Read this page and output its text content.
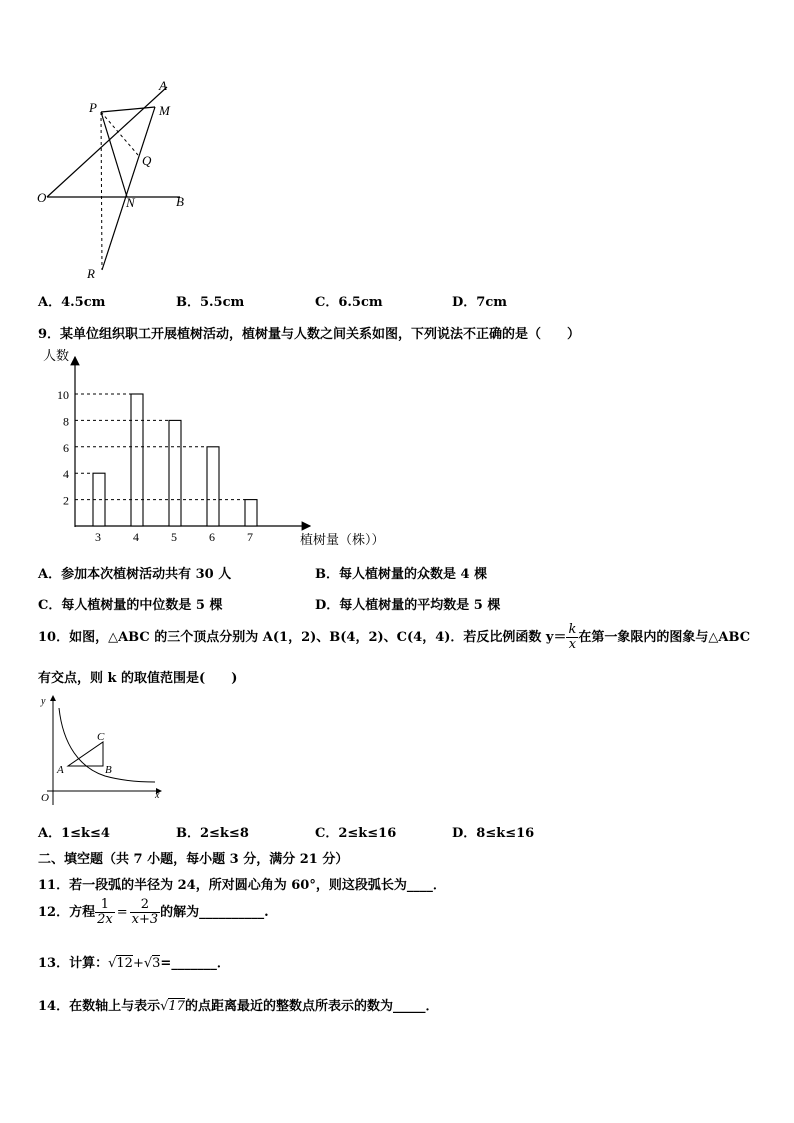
A
M
P
Q
O	N	B
R
A．4.5cm	B．5.5cm	C．6.5cm	D．7cm
9．某单位组织职工开展植树活动，植树量与人数之间关系如图，下列说法不正确的是（　　）
人数
植树量（株））
3	4	5	6	7
2
4
6
8
10
A．参加本次植树活动共有 30 人	B．每人植树量的众数是 4 棵
C．每人植树量的中位数是 5 棵	D．每人植树量的平均数是 5 棵
10．如图，△ABC 的三个顶点分别为 A(1，2)、B(4，2)、C(4，4)．若反比例函数 $y= \frac{k}{x}$ 在第一象限内的图象与△ABC
有交点，则 k 的取值范围是(　　)
y
x
O
A	B
C
A．1≤k≤4	B．2≤k≤8	C．2≤k≤16	D．8≤k≤16
二、填空题（共 7 小题，每小题 3 分，满分 21 分）
11．若一段弧的半径为 24，所对圆心角为 60°，则这段弧长为____．
12．方程 $\frac{1}{2x} = \frac{2}{x+3}$ 的解为__________.
13．计算：√12+√3=_______．
14．在数轴上与表示√17的点距离最近的整数点所表示的数为_____．
